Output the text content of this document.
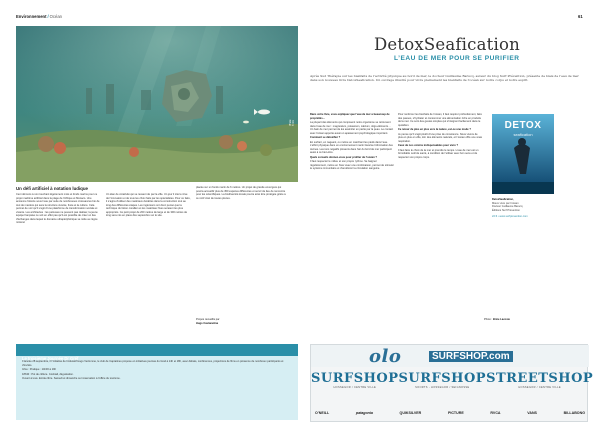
Environnement/Océan	61
Photo: © DR
Un défi artificiel à notation ludique
Cent démons à non touchant légèrement mots et fonds marins pour ce projet maritime artificiel dans la plage de l’Afrique et Monaco. Une ancienne histoire sous l’eau par suite de nombreuses croissances bio de tout de manière qui sera la structure vivante, fixée et la culture. Cela permet de voir qu’il s’agit d’une plateforme de transformation sociale et vivante. Les architectes : les pelouses ne peuvent pas réaliser, la jeune équipe française ne voit en effet pas qu’il est possible de créer un lieu d’échanges dans lequel le domaine ultrapériphérique se mêle au règne minéral.
Un élan de créativité qui se ressent de par la ville. Un jour il cite le rêve de l’innovation et de tous les choix faits par les spécialistes. Pour ce faire, il s’agira d’utiliser des matériaux durables dans la construction tout au long des différentes étapes. Les ingénieurs ont donc pensé que la technique du béton corallien et les matériaux fixes seraient les plus appropriés. Ce petit projet de 200 mètres de large et de 300 mètres de long sera mis en place dès septembre sur le site.
placée sur un fonds marin de 6 mètres. Un projet de grande envergure qui pourra accueillir plus de 450 espèces différentes et servir de lieu de rencontre pour les scientifiques. La biodiversité locale pourra ainsi être protégée grâce à ce récif créé de toutes pièces.
Propos recueillis par
Hugo Castanetina
Le troisième Journée Dr Gréf

Il lancée 28 septembre, il l’initiative de l’éducatif Hugo Verlomme, le club de Captatines propose en initiatives journée du Grail à 14h et 18h, avec débats, conférences, projections de films en présence de nombreux participants et d’invités.

Infos : Pratique : 14h30 à 19h

18h30 : Pot de clôture. Cocktail, dégustation.

Ouvert à tous. Entrée libre. Samedi et dimanche sur réservation à l’office du tourisme.

DetoxSeafication
L’EAU DE MER POUR SE PURIFIER
Après Sud Thérapie sur les bienfaits de l’activité physique au bord de mer, le docteur Guillaume Barucq, auteur du blog Surf Prévention, présente de biais de l’eau de mer dans son nouveau livre DetoxSeafication. Un ouvrage illustré pour vivre pleinement les bienfaits de l’océan sur notre corps et notre esprit.

Dans votre livre, vous expliquez que l’eau de mer a beaucoup de propriétés…

La plupart des éléments qui composent notre organisme se retrouvent dans l’eau de mer : magnésium, potassium, calcium, oligo-éléments… Un bain de mer permet de les assimiler en partie par la peau. Le contact avec l’océan apporte aussi un apaisement psychologique important.

Comment se détoxifier ?

En surfant, en nageant, ou même en marchant les pieds dans l’eau. L’effort physique dans un environnement marin favorise l’élimination des toxines. Les ions négatifs présents dans l’air du bord de mer participent aussi à ce bien-être.

Quels conseils donnez-vous pour profiter de l’océan ?

Il faut respecter le milieu et son propre rythme. Se baigner régulièrement, même en hiver avec une combinaison, permet de stimuler le système immunitaire et d’améliorer la circulation sanguine.

Pour renforcer les bienfaits de l’océan, il faut respirer profondément, faire des pauses, s’hydrater et consommer une alimentation riche en produits de la mer. Ce sont des gestes simples qui s’intègrent facilement dans le quotidien.

Ce retour de plus en plus vers la nature, est-ce une mode ?

Je pense qu’il s’agit plutôt d’une prise de conscience. Nous vivons de plus en plus en ville, loin des éléments naturels, et l’océan offre une vraie respiration.

Ceux de nos voisins indispensables pour vivre ?

Il faut faire le choix de la mer et prendre le temps. L’eau de mer est un formidable outil de santé, à condition de l’utiliser avec bon sens et de respecter son propre corps.

DETOX
seafication
DetoxSeafication,
Mieux vivre par l’océan
Docteur Guillaume Barucq
Éditions Surf Prévention
22 € • www.surfprevention.com
Photo : Brice Lacoste
olo	SURFSHOP.com
SURFSHOP
HOSSEGOR / CENTRE VILLE
SURFSHOP
SOORTS - HOSSEGOR / SEIGNOSSE
STREETSHOP
HOSSEGOR / CENTRE VILLE
O’NEILL	patagonia	QUIKSILVER	PICTURE	RVCA	VANS	BILLABONG
